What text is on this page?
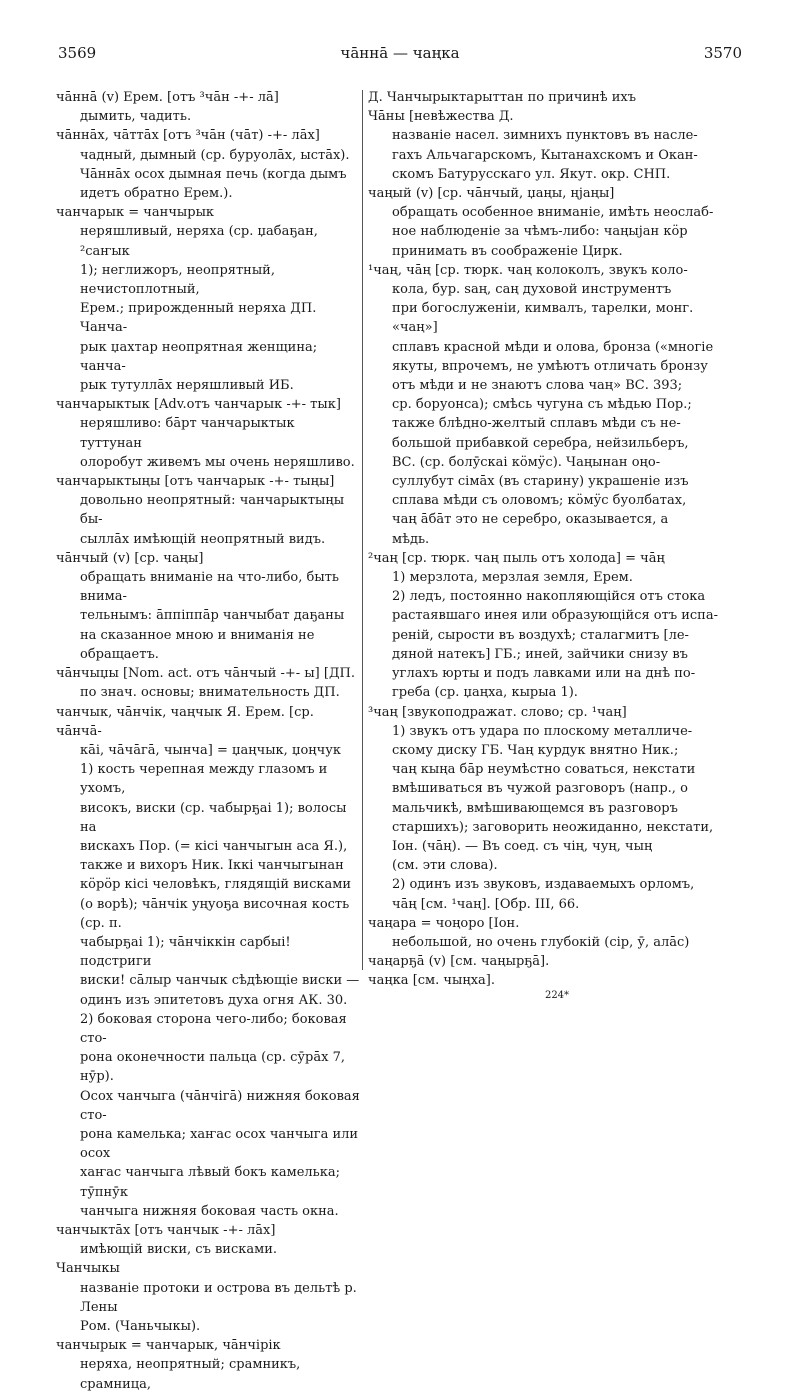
3569	чāннā — чаңка	3570
чāннā (v) Ерем. [отъ ³чāн -+- лā]
дымить, чадить.
чāннāх, чāттāх [отъ ³чāн (чāт) -+- лāх]
чадный, дымный (ср. буруолāх, ыстāх).
Чāннāх осох дымная печь (когда дымъ
идетъ обратно Ерем.).
чанчарык = чанчырык
неряшливый, неряха (ср. џабаҕан, ²саҥык
1); неглижоръ, неопрятный, нечистоплотный,
Ерем.; прирожденный неряха ДП. Чанча-
рык џахтар неопрятная женщина; чанча-
рык тутуллāх неряшливый ИБ.
чанчарыктык [Adv.отъ чанчарык -+- тык]
неряшливо: бāрт чанчарыктык туттунан
олоробут живемъ мы очень неряшливо.
чанчарыктыңы [отъ чанчарык -+- тыңы]
довольно неопрятный: чанчарыктыңы бы-
сыллāх имѣющій неопрятный видъ.
чāнчый (v) [ср. чаңы]
обращать вниманіе на что-либо, быть внима-
тельнымъ: āппіппāр чанчыбат даҕаны
на сказанное мною и вниманія не обращаетъ.
чāнчыџы [Nom. act. отъ чāнчый -+- ы] [ДП.
по знач. основы; внимательность ДП.
чанчык, чāнчік, чаңчык Я. Ерем. [ср. чāнчā-
кāі, чāчāгā, чынча] = џаңчык, џоңчук
1) кость черепная между глазомъ и ухомъ,
високъ, виски (ср. чабырҕаі 1); волосы на
вискахъ Пор. (= кісі чанчыгын аса Я.),
также и вихоръ Ник. Іккі чанчыгынан
кӧрӧр кісі человѣкъ, глядящій висками
(о ворѣ); чāнчік уңуоҕа височная кость (ср. п.
чабырҕаі 1); чāнчіккін сарбыі! подстриги
виски! сāлыр чанчык сѣдѣющіе виски —
одинъ изъ эпитетовъ духа огня АК. 30.
2) боковая сторона чего-либо; боковая сто-
рона оконечности пальца (ср. сӯрāх 7, нӯр).
Осох чанчыга (чāнчігā) нижняя боковая сто-
рона камелька; хаҥас осох чанчыга или осох
хаҥас чанчыга лѣвый бокъ камелька; тӯпнӯк
чанчыга нижняя боковая часть окна.
чанчыктāх [отъ чанчык -+- лāх]
имѣющій виски, съ висками.
Чанчыкы
названіе протоки и острова въ дельтѣ р. Лены
Ром. (Чаньчыкы).
чанчырык = чанчарык, чāнчірік
неряха, неопрятный; срамникъ, срамница,
Д. Чанчырыктарыттан по причинѣ ихъ
Чāны [невѣжества Д.
названіе насел. зимнихъ пунктовъ въ насле-
гахъ Альчагарскомъ, Кытанахскомъ и Окан-
скомъ Батурусскаго ул. Якут. окр. СНП.
чаңый (v) [ср. чāнчый, џаңы, ңjаңы]
обращать особенное вниманіе, имѣть неослаб-
ное наблюденіе за чѣмъ-либо: чаңыјан кӧр
принимать въ соображеніе Цирк.
¹чаң, чāң [ср. тюрк. чаң колоколъ, звукъ коло-
кола, бур. saң, саң духовой инструментъ
при богослуженіи, кимвалъ, тарелки, монг.
«чаң»]
сплавъ красной мѣди и олова, бронза («многіе
якуты, впрочемъ, не умѣютъ отличать бронзу
отъ мѣди и не знаютъ слова чаң» ВС. 393;
ср. боруонса); смѣсь чугуна съ мѣдью Пор.;
также блѣдно-желтый сплавъ мѣди съ не-
большой прибавкой серебра, нейзильберъ,
ВС. (ср. болӯскаі кӧмӱс). Чаңынан оңо-
суллубут сімāх (въ старину) украшеніе изъ
сплава мѣди съ оловомъ; кӧмӱс буолбатах,
чаң āбāт это не серебро, оказывается, а
мѣдь.
²чаң [ср. тюрк. чаң пыль отъ холода] = чāң
1) мерзлота, мерзлая земля, Ерем.
2) ледъ, постоянно накопляющійся отъ стока
растаявшаго инея или образующійся отъ испа-
реній, сырости въ воздухѣ; сталагмитъ [ле-
дяной натекъ] ГБ.; иней, зайчики снизу въ
углахъ юрты и подъ лавками или на днѣ по-
греба (ср. џаңха, кырыа 1).
³чаң [звукоподражат. слово; ср. ¹чаң]
1) звукъ отъ удара по плоскому металличе-
скому диску ГБ. Чаң курдук внятно Ник.;
чаң кыңа бāр неумѣстно соваться, некстати
вмѣшиваться въ чужой разговоръ (напр., о
мальчикѣ, вмѣшивающемся въ разговоръ
старшихъ); заговорить неожиданно, некстати,
Іон. (чāң). — Въ соед. съ чің, чуң, чың
(см. эти слова).
2) одинъ изъ звуковъ, издаваемыхъ орломъ,
чāң [см. ¹чаң]. [Обр. III, 66.
чаңара = чоңоро [Іон.
небольшой, но очень глубокій (сір, ӯ, алāс)
чаңарҕā (v) [см. чаңырҕā].
чаңка [см. чыңха].
224*
